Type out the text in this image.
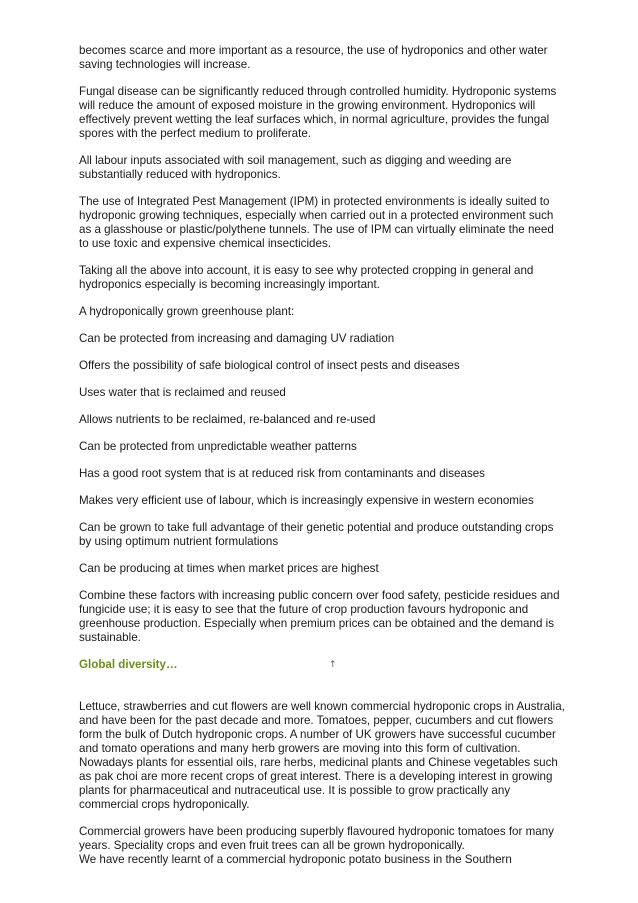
becomes scarce and more important as a resource, the use of hydroponics and other water saving technologies will increase.

Fungal disease can be significantly reduced through controlled humidity. Hydroponic systems will reduce the amount of exposed moisture in the growing environment. Hydroponics will effectively prevent wetting the leaf surfaces which, in normal agriculture, provides the fungal spores with the perfect medium to proliferate.

All labour inputs associated with soil management, such as digging and weeding are substantially reduced with hydroponics.

The use of Integrated Pest Management (IPM) in protected environments is ideally suited to hydroponic growing techniques, especially when carried out in a protected environment such as a glasshouse or plastic/polythene tunnels. The use of IPM can virtually eliminate the need to use toxic and expensive chemical insecticides.

Taking all the above into account, it is easy to see why protected cropping in general and hydroponics especially is becoming increasingly important.

A hydroponically grown greenhouse plant:

Can be protected from increasing and damaging UV radiation

Offers the possibility of safe biological control of insect pests and diseases

Uses water that is reclaimed and reused

Allows nutrients to be reclaimed, re-balanced and re-used

Can be protected from unpredictable weather patterns

Has a good root system that is at reduced risk from contaminants and diseases

Makes very efficient use of labour, which is increasingly expensive in western economies

Can be grown to take full advantage of their genetic potential and produce outstanding crops by using optimum nutrient formulations

Can be producing at times when market prices are highest

Combine these factors with increasing public concern over food safety, pesticide residues and fungicide use; it is easy to see that the future of crop production favours hydroponic and greenhouse production. Especially when premium prices can be obtained and the demand is sustainable.

Global diversity…	↑

Lettuce, strawberries and cut flowers are well known commercial hydroponic crops in Australia, and have been for the past decade and more. Tomatoes, pepper, cucumbers and cut flowers form the bulk of Dutch hydroponic crops. A number of UK growers have successful cucumber and tomato operations and many herb growers are moving into this form of cultivation. Nowadays plants for essential oils, rare herbs, medicinal plants and Chinese vegetables such as pak choi are more recent crops of great interest. There is a developing interest in growing plants for pharmaceutical and nutraceutical use. It is possible to grow practically any commercial crops hydroponically.

Commercial growers have been producing superbly flavoured hydroponic tomatoes for many years. Speciality crops and even fruit trees can all be grown hydroponically.

We have recently learnt of a commercial hydroponic potato business in the Southern
